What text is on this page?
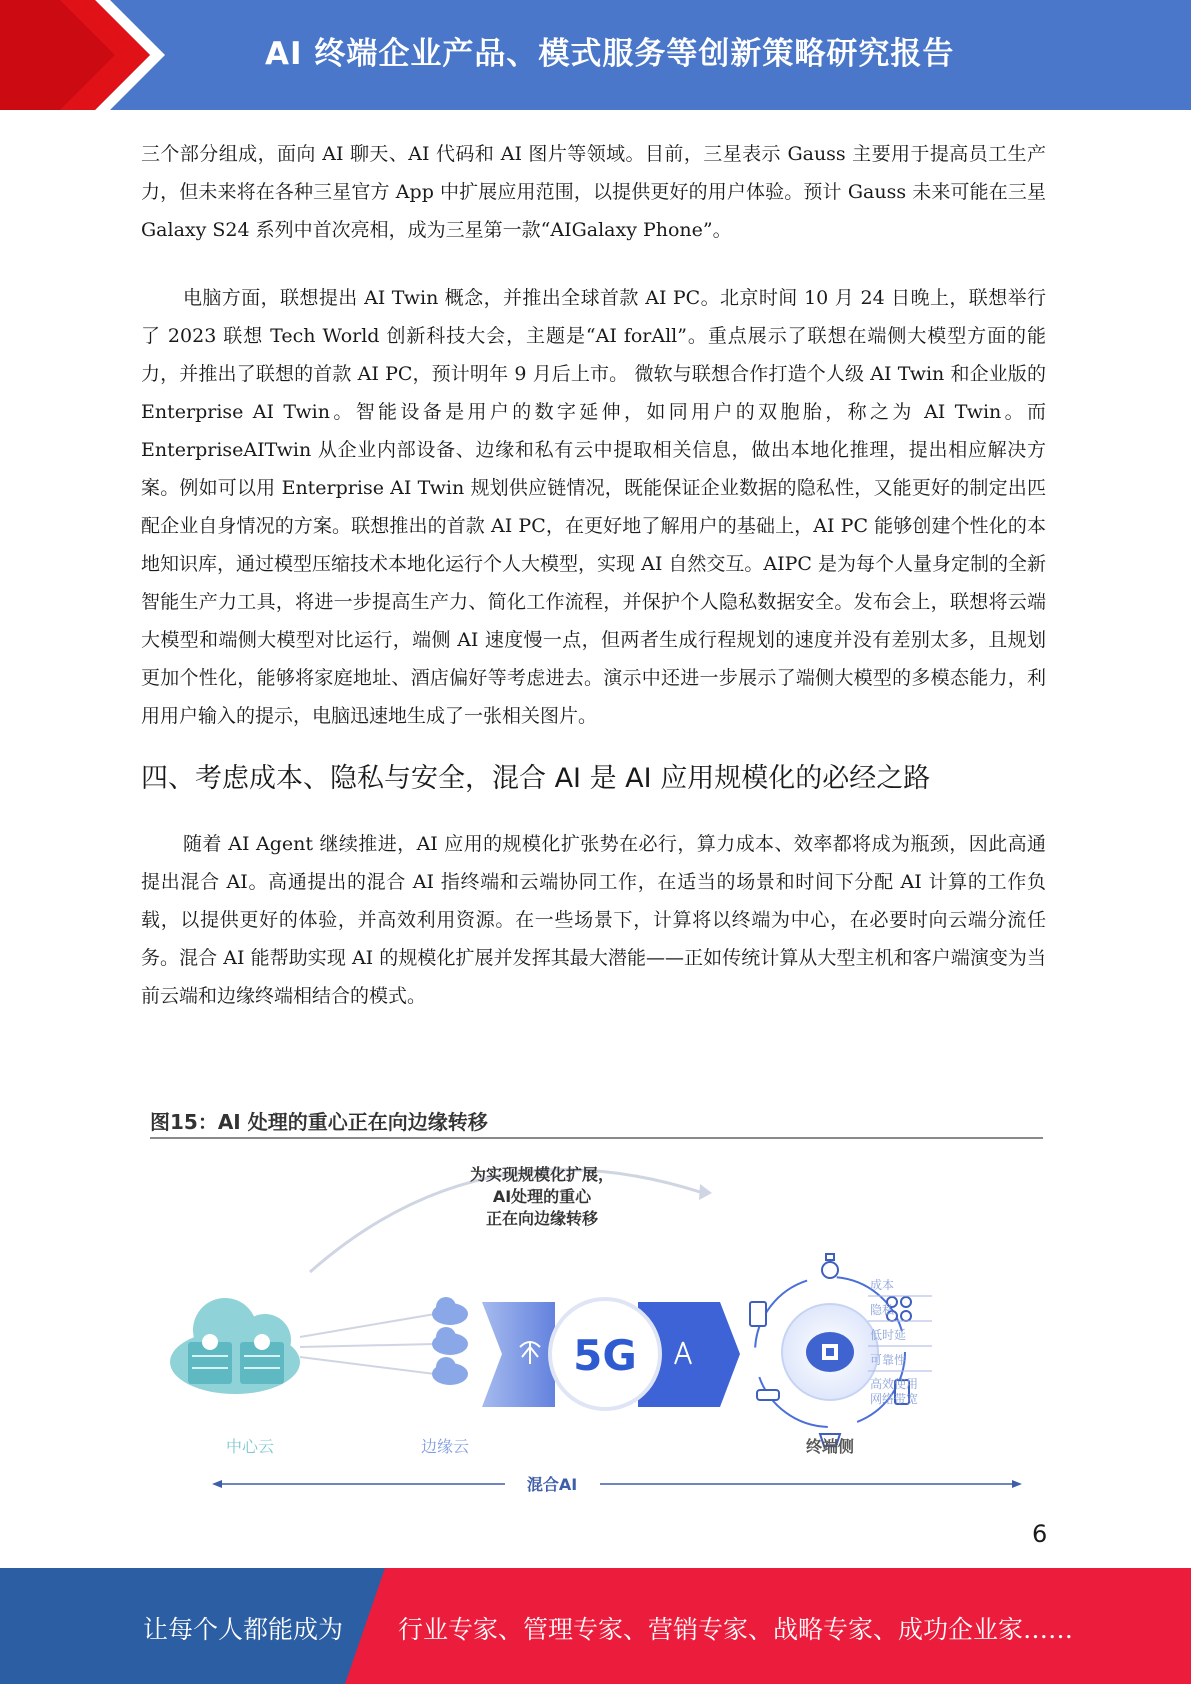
AI 终端企业产品、模式服务等创新策略研究报告

三个部分组成，面向 AI 聊天、AI 代码和 AI 图片等领域。目前，三星表示 Gauss 主要用于提高员工生产力，但未来将在各种三星官方 App 中扩展应用范围，以提供更好的用户体验。预计 Gauss 未来可能在三星 Galaxy S24 系列中首次亮相，成为三星第一款“AIGalaxy Phone”。

电脑方面，联想提出 AI Twin 概念，并推出全球首款 AI PC。北京时间 10 月 24 日晚上，联想举行了 2023 联想 Tech World 创新科技大会，主题是“AI forAll”。重点展示了联想在端侧大模型方面的能力，并推出了联想的首款 AI PC，预计明年 9 月后上市。 微软与联想合作打造个人级 AI Twin 和企业版的 Enterprise AI Twin。智能设备是用户的数字延伸，如同用户的双胞胎，称之为 AI Twin。而 EnterpriseAITwin 从企业内部设备、边缘和私有云中提取相关信息，做出本地化推理，提出相应解决方案。例如可以用 Enterprise AI Twin 规划供应链情况，既能保证企业数据的隐私性，又能更好的制定出匹配企业自身情况的方案。联想推出的首款 AI PC，在更好地了解用户的基础上，AI PC 能够创建个性化的本地知识库，通过模型压缩技术本地化运行个人大模型，实现 AI 自然交互。AIPC 是为每个人量身定制的全新智能生产力工具，将进一步提高生产力、简化工作流程，并保护个人隐私数据安全。发布会上，联想将云端大模型和端侧大模型对比运行，端侧 AI 速度慢一点，但两者生成行程规划的速度并没有差别太多，且规划更加个性化，能够将家庭地址、酒店偏好等考虑进去。演示中还进一步展示了端侧大模型的多模态能力，利用用户输入的提示，电脑迅速地生成了一张相关图片。

四、考虑成本、隐私与安全，混合 AI 是 AI 应用规模化的必经之路

随着 AI Agent 继续推进，AI 应用的规模化扩张势在必行，算力成本、效率都将成为瓶颈，因此高通提出混合 AI。高通提出的混合 AI 指终端和云端协同工作，在适当的场景和时间下分配 AI 计算的工作负载，以提供更好的体验，并高效利用资源。在一些场景下，计算将以终端为中心，在必要时向云端分流任务。混合 AI 能帮助实现 AI 的规模化扩展并发挥其最大潜能——正如传统计算从大型主机和客户端演变为当前云端和边缘终端相结合的模式。

图15：AI 处理的重心正在向边缘转移
5G
成本
隐私
低时延
可靠性
高效使用
网络带宽
为实现规模化扩展，
AI处理的重心
正在向边缘转移
中心云	边缘云	终端侧
混合AI
6
让每个人都能成为 行业专家、管理专家、营销专家、战略专家、成功企业家……
